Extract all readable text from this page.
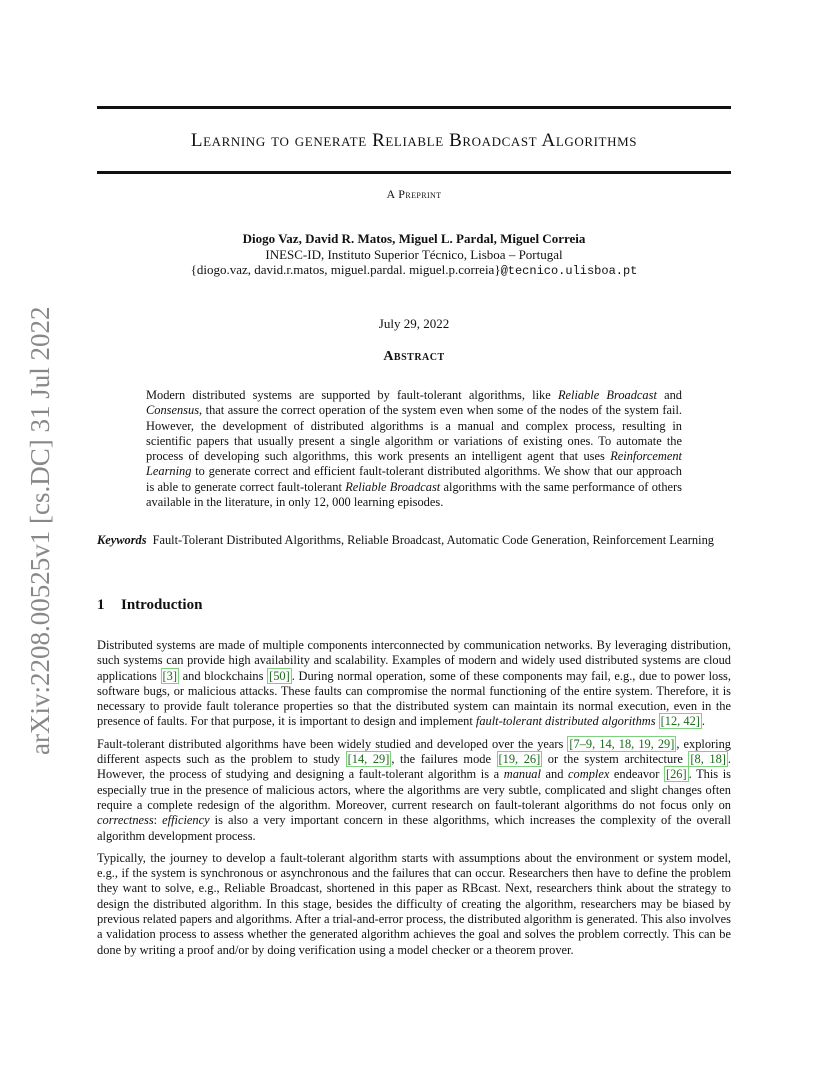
arXiv:2208.00525v1 [cs.DC] 31 Jul 2022
Learning to generate Reliable Broadcast Algorithms
A Preprint
Diogo Vaz, David R. Matos, Miguel L. Pardal, Miguel Correia
INESC-ID, Instituto Superior Técnico, Lisboa – Portugal
{diogo.vaz, david.r.matos, miguel.pardal. miguel.p.correia}@tecnico.ulisboa.pt
July 29, 2022
Abstract
Modern distributed systems are supported by fault-tolerant algorithms, like Reliable Broadcast and Consensus, that assure the correct operation of the system even when some of the nodes of the system fail. However, the development of distributed algorithms is a manual and complex process, resulting in scientific papers that usually present a single algorithm or variations of existing ones. To automate the process of developing such algorithms, this work presents an intelligent agent that uses Reinforcement Learning to generate correct and efficient fault-tolerant distributed algorithms. We show that our approach is able to generate correct fault-tolerant Reliable Broadcast algorithms with the same performance of others available in the literature, in only 12, 000 learning episodes.
Keywords Fault-Tolerant Distributed Algorithms, Reliable Broadcast, Automatic Code Generation, Reinforcement Learning
1 Introduction

Distributed systems are made of multiple components interconnected by communication networks. By leveraging distribution, such systems can provide high availability and scalability. Examples of modern and widely used distributed systems are cloud applications [3] and blockchains [50] . During normal operation, some of these components may fail, e.g., due to power loss, software bugs, or malicious attacks. These faults can compromise the normal functioning of the entire system. Therefore, it is necessary to provide fault tolerance properties so that the distributed system can maintain its normal execution, even in the presence of faults. For that purpose, it is important to design and implement fault-tolerant distributed algorithms [12, 42] .

Fault-tolerant distributed algorithms have been widely studied and developed over the years [7–9, 14, 18, 19, 29] , exploring different aspects such as the problem to study [14, 29] , the failures mode [19, 26] or the system architecture [8, 18] . However, the process of studying and designing a fault-tolerant algorithm is a manual and complex endeavor [26] . This is especially true in the presence of malicious actors, where the algorithms are very subtle, complicated and slight changes often require a complete redesign of the algorithm. Moreover, current research on fault-tolerant algorithms do not focus only on correctness: efficiency is also a very important concern in these algorithms, which increases the complexity of the overall algorithm development process.

Typically, the journey to develop a fault-tolerant algorithm starts with assumptions about the environment or system model, e.g., if the system is synchronous or asynchronous and the failures that can occur. Researchers then have to define the problem they want to solve, e.g., Reliable Broadcast, shortened in this paper as RBcast. Next, researchers think about the strategy to design the distributed algorithm. In this stage, besides the difficulty of creating the algorithm, researchers may be biased by previous related papers and algorithms. After a trial-and-error process, the distributed algorithm is generated. This also involves a validation process to assess whether the generated algorithm achieves the goal and solves the problem correctly. This can be done by writing a proof and/or by doing verification using a model checker or a theorem prover.
